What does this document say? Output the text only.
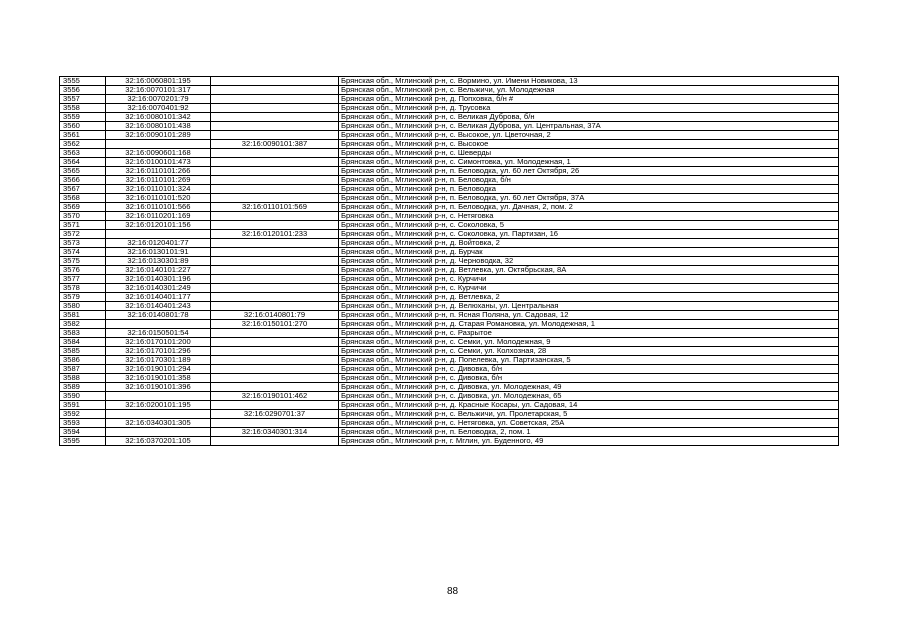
3555	32:16:0060801:195		Брянская обл., Мглинский р-н, с. Вормино, ул. Имени Новикова, 13
3556	32:16:0070101:317		Брянская обл., Мглинский р-н, с. Вельжичи, ул. Молодежная
3557	32:16:0070201:79		Брянская обл., Мглинский р-н, д. Попховка, б/н #
3558	32:16:0070401:92		Брянская обл., Мглинский р-н, д. Трусовка
3559	32:16:0080101:342		Брянская обл., Мглинский р-н, с. Великая Дуброва, б/н
3560	32:16:0080101:438		Брянская обл., Мглинский р-н, с. Великая Дуброва, ул. Центральная, 37А
3561	32:16:0090101:289		Брянская обл., Мглинский р-н, с. Высокое, ул. Цветочная, 2
3562		32:16:0090101:387	Брянская обл., Мглинский р-н, с. Высокое
3563	32:16:0090601:168		Брянская обл., Мглинский р-н, с. Шеверды
3564	32:16:0100101:473		Брянская обл., Мглинский р-н, с. Симонтовка, ул. Молодежная, 1
3565	32:16:0110101:266		Брянская обл., Мглинский р-н, п. Беловодка, ул. 60 лет Октября, 26
3566	32:16:0110101:269		Брянская обл., Мглинский р-н, п. Беловодка, б/н
3567	32:16:0110101:324		Брянская обл., Мглинский р-н, п. Беловодка
3568	32:16:0110101:520		Брянская обл., Мглинский р-н, п. Беловодка, ул. 60 лет Октября, 37А
3569	32:16:0110101:566	32:16:0110101:569	Брянская обл., Мглинский р-н, п. Беловодка, ул. Дачная, 2, пом. 2
3570	32:16:0110201:169		Брянская обл., Мглинский р-н, с. Нетяговка
3571	32:16:0120101:156		Брянская обл., Мглинский р-н, с. Соколовка, 5
3572		32:16:0120101:233	Брянская обл., Мглинский р-н, с. Соколовка, ул. Партизан, 16
3573	32:16:0120401:77		Брянская обл., Мглинский р-н, д. Войтовка, 2
3574	32:16:0130101:91		Брянская обл., Мглинский р-н, д. Бурчак
3575	32:16:0130301:89		Брянская обл., Мглинский р-н, д. Черноводка, 32
3576	32:16:0140101:227		Брянская обл., Мглинский р-н, д. Ветлевка, ул. Октябрьская, 8А
3577	32:16:0140301:196		Брянская обл., Мглинский р-н, с. Курчичи
3578	32:16:0140301:249		Брянская обл., Мглинский р-н, с. Курчичи
3579	32:16:0140401:177		Брянская обл., Мглинский р-н, д. Ветлевка, 2
3580	32:16:0140401:243		Брянская обл., Мглинский р-н, д. Велюханы, ул. Центральная
3581	32:16:0140801:78	32:16:0140801:79	Брянская обл., Мглинский р-н, п. Ясная Поляна, ул. Садовая, 12
3582		32:16:0150101:270	Брянская обл., Мглинский р-н, д. Старая Романовка, ул. Молодежная, 1
3583	32:16:0150501:54		Брянская обл., Мглинский р-н, с. Разрытое
3584	32:16:0170101:200		Брянская обл., Мглинский р-н, с. Семки, ул. Молодежная, 9
3585	32:16:0170101:296		Брянская обл., Мглинский р-н, с. Семки, ул. Колхозная, 28
3586	32:16:0170301:189		Брянская обл., Мглинский р-н, д. Попелевка, ул. Партизанская, 5
3587	32:16:0190101:294		Брянская обл., Мглинский р-н, с. Дивовка, б/н
3588	32:16:0190101:358		Брянская обл., Мглинский р-н, с. Дивовка, б/н
3589	32:16:0190101:396		Брянская обл., Мглинский р-н, с. Дивовка, ул. Молодежная, 49
3590		32:16:0190101:462	Брянская обл., Мглинский р-н, с. Дивовка, ул. Молодежная, 65
3591	32:16:0200101:195		Брянская обл., Мглинский р-н, д. Красные Косары, ул. Садовая, 14
3592		32:16:0290701:37	Брянская обл., Мглинский р-н, с. Вельжичи, ул. Пролетарская, 5
3593	32:16:0340301:305		Брянская обл., Мглинский р-н, с. Нетяговка, ул. Советская, 25А
3594		32:16:0340301:314	Брянская обл., Мглинский р-н, п. Беловодка, 2, пом. 1
3595	32:16:0370201:105		Брянская обл., Мглинский р-н, г. Мглин, ул. Буденного, 49
88
